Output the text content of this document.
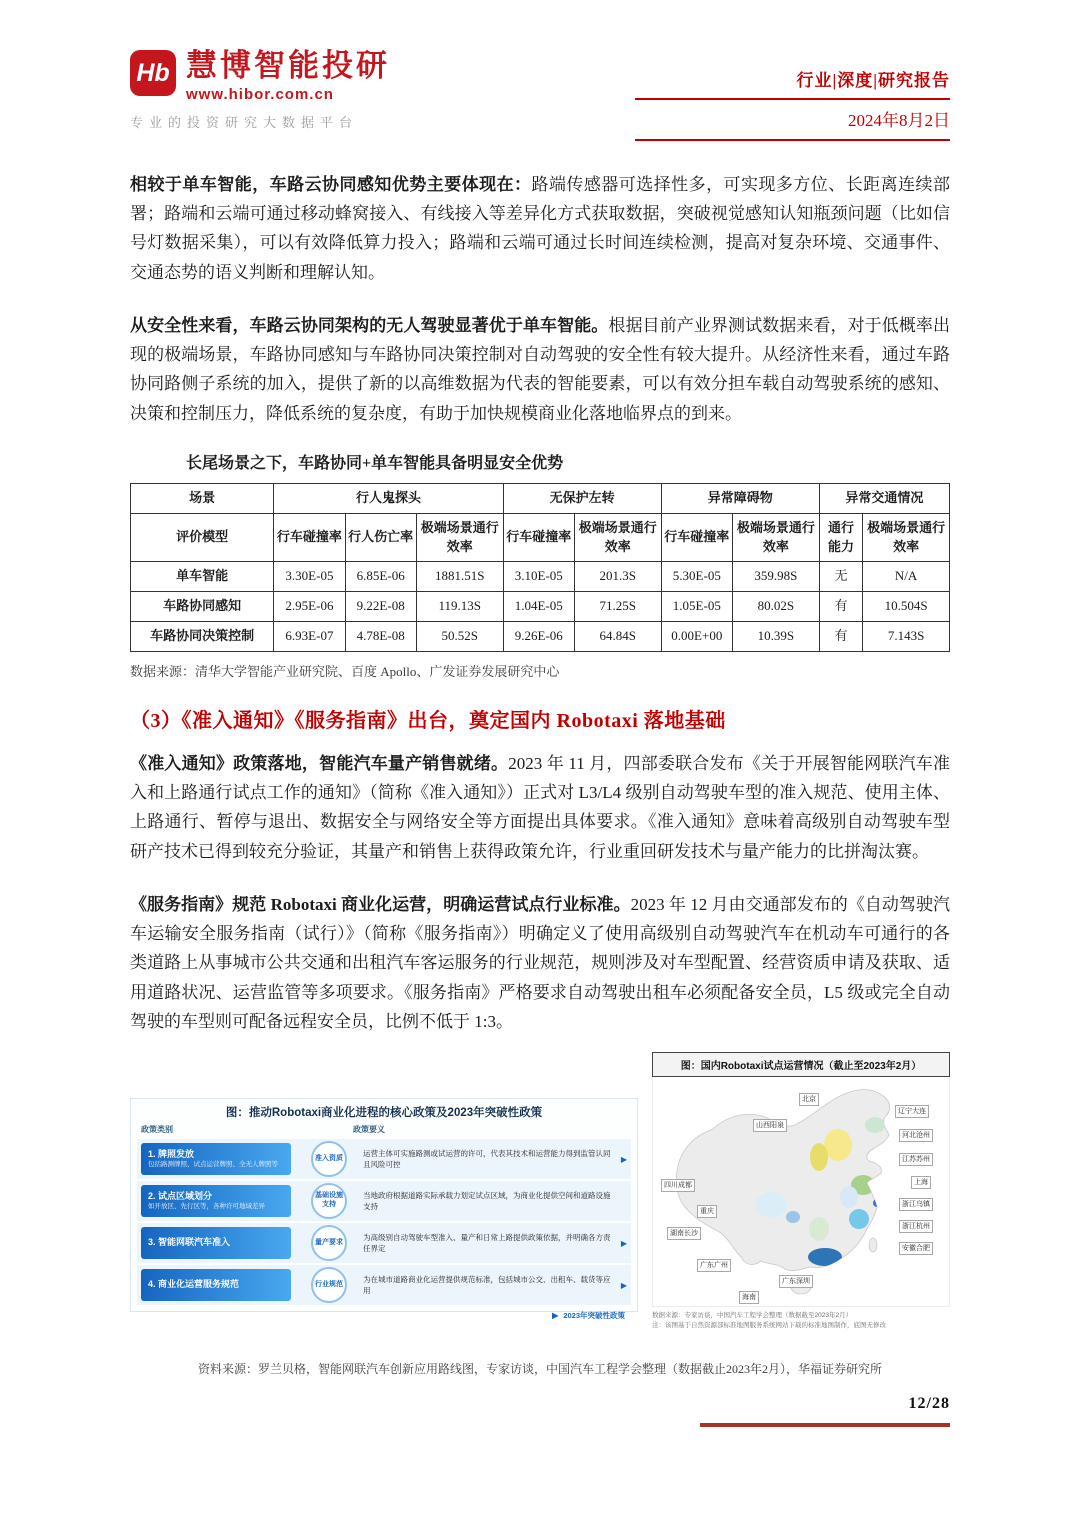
Hb 慧博智能投研
www.hibor.com.cn
专业的投资研究大数据平台
行业|深度|研究报告
2024年8月2日

相较于单车智能，车路云协同感知优势主要体现在：路端传感器可选择性多，可实现多方位、长距离连续部署；路端和云端可通过移动蜂窝接入、有线接入等差异化方式获取数据，突破视觉感知认知瓶颈问题（比如信号灯数据采集），可以有效降低算力投入；路端和云端可通过长时间连续检测，提高对复杂环境、交通事件、交通态势的语义判断和理解认知。

从安全性来看，车路云协同架构的无人驾驶显著优于单车智能。根据目前产业界测试数据来看，对于低概率出现的极端场景，车路协同感知与车路协同决策控制对自动驾驶的安全性有较大提升。从经济性来看，通过车路协同路侧子系统的加入，提供了新的以高维数据为代表的智能要素，可以有效分担车载自动驾驶系统的感知、决策和控制压力，降低系统的复杂度，有助于加快规模商业化落地临界点的到来。

长尾场景之下，车路协同+单车智能具备明显安全优势
场景	行人鬼探头			无保护左转		异常障碍物		异常交通情况	
评价模型	行车碰撞率	行人伤亡率	极端场景通行效率	行车碰撞率	极端场景通行效率	行车碰撞率	极端场景通行效率	通行能力	极端场景通行效率
单车智能	3.30E-05	6.85E-06	1881.51S	3.10E-05	201.3S	5.30E-05	359.98S	无	N/A
车路协同感知	2.95E-06	9.22E-08	119.13S	1.04E-05	71.25S	1.05E-05	80.02S	有	10.504S
车路协同决策控制	6.93E-07	4.78E-08	50.52S	9.26E-06	64.84S	0.00E+00	10.39S	有	7.143S
数据来源：清华大学智能产业研究院、百度 Apollo、广发证券发展研究中心
（3）《准入通知》《服务指南》出台，奠定国内 Robotaxi 落地基础

《准入通知》政策落地，智能汽车量产销售就绪。2023 年 11 月，四部委联合发布《关于开展智能网联汽车准入和上路通行试点工作的通知》（简称《准入通知》）正式对 L3/L4 级别自动驾驶车型的准入规范、使用主体、上路通行、暂停与退出、数据安全与网络安全等方面提出具体要求。《准入通知》意味着高级别自动驾驶车型研产技术已得到较充分验证，其量产和销售上获得政策允许，行业重回研发技术与量产能力的比拼淘汰赛。

《服务指南》规范 Robotaxi 商业化运营，明确运营试点行业标准。2023 年 12 月由交通部发布的《自动驾驶汽车运输安全服务指南（试行）》（简称《服务指南》）明确定义了使用高级别自动驾驶汽车在机动车可通行的各类道路上从事城市公共交通和出租汽车客运服务的行业规范，规则涉及对车型配置、经营资质申请及获取、适用道路状况、运营监管等多项要求。《服务指南》严格要求自动驾驶出租车必须配备安全员，L5 级或完全自动驾驶的车型则可配备远程安全员，比例不低于 1:3。

图：推动Robotaxi商业化进程的核心政策及2023年突破性政策
政策类别	政策要义
1. 牌照发放
包括路测牌照、试点运营牌照、全无人牌照等
准入资质
运营主体可实施路测或试运营的许可，代表其技术和运营能力得到监管认同且风险可控
▶
2. 试点区域划分
如开放区、先行区等，各种许可地域差异
基础设施支持
当地政府根据道路实际承载力划定试点区域，为商业化提供空间和道路设施支持
3. 智能网联汽车准入	量产要求
为高级别自动驾驶车型准入、量产和日常上路提供政策依据，并明确各方责任界定
▶
4. 商业化运营服务规范	行业规范
为在城市道路商业化运营提供规范标准，包括城市公交、出租车、载货等应用
▶
▶ 2023年突破性政策
图：国内Robotaxi试点运营情况（截止至2023年2月）
北京
山西阳泉
辽宁大连
河北沧州
江苏苏州
上海
浙江乌镇
浙江杭州
安徽合肥
四川成都
重庆
湖南长沙
广东广州
广东深圳
海南
数据来源：专家访谈，中国汽车工程学会整理（数据截至2023年2月）
注：该图基于自然资源部标准地图服务系统网站下载的标准地图制作，底图无修改
资料来源：罗兰贝格，智能网联汽车创新应用路线图，专家访谈，中国汽车工程学会整理（数据截止2023年2月），华福证券研究所
12/28
